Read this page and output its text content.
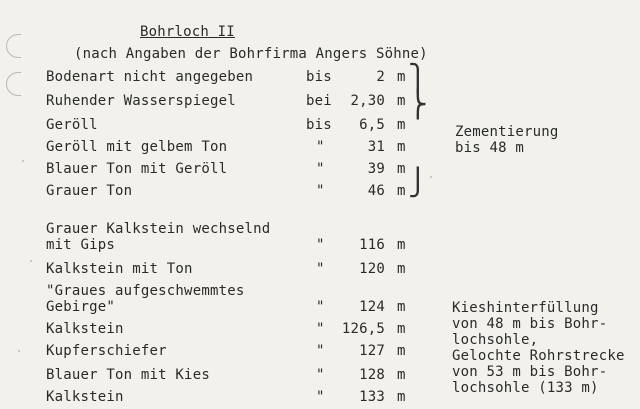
Bohrloch II
(nach Angaben der Bohrfirma Angers Söhne)
Bodenart nicht angegeben	bis	2 m
Ruhender Wasserspiegel	bei 2,30 m
Geröll	bis 6,5 m
Geröll mit gelbem Ton	"	31 m
Blauer Ton mit Geröll	"	39 m
Grauer Ton	"	46 m
Grauer Kalkstein wechselnd
mit Gips	" 116 m
Kalkstein mit Ton	" 120 m
"Graues aufgeschwemmtes
Gebirge"	" 124 m
Kalkstein	" 126,5 m
Kupferschiefer	" 127 m
Blauer Ton mit Kies	" 128 m
Kalkstein	" 133 m
⎫
⎬
⎭
Zementierung
bis 48 m
Kieshinterfüllung
von 48 m bis Bohr-
lochsohle,
Gelochte Rohrstrecke
von 53 m bis Bohr-
lochsohle (133 m)
